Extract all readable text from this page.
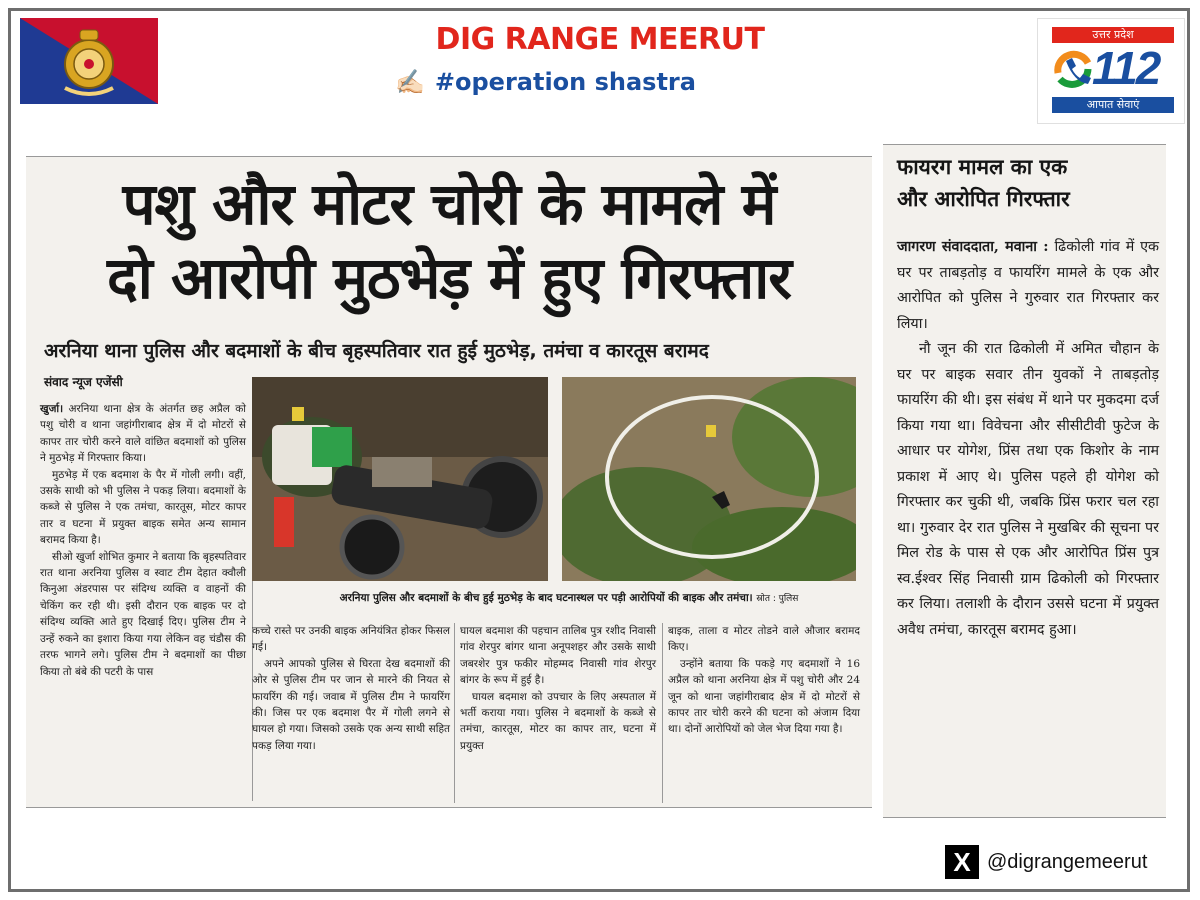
DIG RANGE MEERUT
✍🏻 #operation shastra
उत्तर प्रदेश
112
आपात सेवाएं
पशु और मोटर चोरी के मामले में
दो आरोपी मुठभेड़ में हुए गिरफ्तार
अरनिया थाना पुलिस और बदमाशों के बीच बृहस्पतिवार रात हुई मुठभेड़, तमंचा व कारतूस बरामद
संवाद न्यूज एजेंसी

खुर्जा। अरनिया थाना क्षेत्र के अंतर्गत छह अप्रैल को पशु चोरी व थाना जहांगीराबाद क्षेत्र में दो मोटरों से कापर तार चोरी करने वाले वांछित बदमाशों को पुलिस ने मुठभेड़ में गिरफ्तार किया।

मुठभेड़ में एक बदमाश के पैर में गोली लगी। वहीं, उसके साथी को भी पुलिस ने पकड़ लिया। बदमाशों के कब्जे से पुलिस ने एक तमंचा, कारतूस, मोटर कापर तार व घटना में प्रयुक्त बाइक समेत अन्य सामान बरामद किया है।

सीओ खुर्जा शोभित कुमार ने बताया कि बृहस्पतिवार रात थाना अरनिया पुलिस व स्वाट टीम देहात क्वौली किनुआ अंडरपास पर संदिग्ध व्यक्ति व वाहनों की चेकिंग कर रही थी। इसी दौरान एक बाइक पर दो संदिग्ध व्यक्ति आते हुए दिखाई दिए। पुलिस टीम ने उन्हें रुकने का इशारा किया गया लेकिन वह चंडौस की तरफ भागने लगे। पुलिस टीम ने बदमाशों का पीछा किया तो बंबे की पटरी के पास

अरनिया पुलिस और बदमाशों के बीच हुई मुठभेड़ के बाद घटनास्थल पर पड़ी आरोपियों की बाइक और तमंचा। स्रोत : पुलिस

कच्चे रास्ते पर उनकी बाइक अनियंत्रित होकर फिसल गई।

अपने आपको पुलिस से घिरता देख बदमाशों की ओर से पुलिस टीम पर जान से मारने की नियत से फायरिंग की गई। जवाब में पुलिस टीम ने फायरिंग की। जिस पर एक बदमाश पैर में गोली लगने से घायल हो गया। जिसको उसके एक अन्य साथी सहित पकड़ लिया गया।

घायल बदमाश की पहचान तालिब पुत्र रशीद निवासी गांव शेरपुर बांगर थाना अनूपशहर और उसके साथी जबरशेर पुत्र फकीर मोहम्मद निवासी गांव शेरपुर बांगर के रूप में हुई है।

घायल बदमाश को उपचार के लिए अस्पताल में भर्ती कराया गया। पुलिस ने बदमाशों के कब्जे से तमंचा, कारतूस, मोटर का कापर तार, घटना में प्रयुक्त

बाइक, ताला व मोटर तोडने वाले औजार बरामद किए।

उन्होंने बताया कि पकड़े गए बदमाशों ने 16 अप्रैल को थाना अरनिया क्षेत्र में पशु चोरी और 24 जून को थाना जहांगीराबाद क्षेत्र में दो मोटरों से कापर तार चोरी करने की घटना को अंजाम दिया था। दोनों आरोपियों को जेल भेज दिया गया है।

फायरग मामल का एक
और आरोपित गिरफ्तार

जागरण संवाददाता, मवाना : ढिकोली गांव में एक घर पर ताबड़तोड़ व फायरिंग मामले के एक और आरोपित को पुलिस ने गुरुवार रात गिरफ्तार कर लिया।

नौ जून की रात ढिकोली में अमित चौहान के घर पर बाइक सवार तीन युवकों ने ताबड़तोड़ फायरिंग की थी। इस संबंध में थाने पर मुकदमा दर्ज किया गया था। विवेचना और सीसीटीवी फुटेज के आधार पर योगेश, प्रिंस तथा एक किशोर के नाम प्रकाश में आए थे। पुलिस पहले ही योगेश को गिरफ्तार कर चुकी थी, जबकि प्रिंस फरार चल रहा था। गुरुवार देर रात पुलिस ने मुखबिर की सूचना पर मिल रोड के पास से एक और आरोपित प्रिंस पुत्र स्व.ईश्वर सिंह निवासी ग्राम ढिकोली को गिरफ्तार कर लिया। तलाशी के दौरान उससे घटना में प्रयुक्त अवैध तमंचा, कारतूस बरामद हुआ।

X @digrangemeerut
